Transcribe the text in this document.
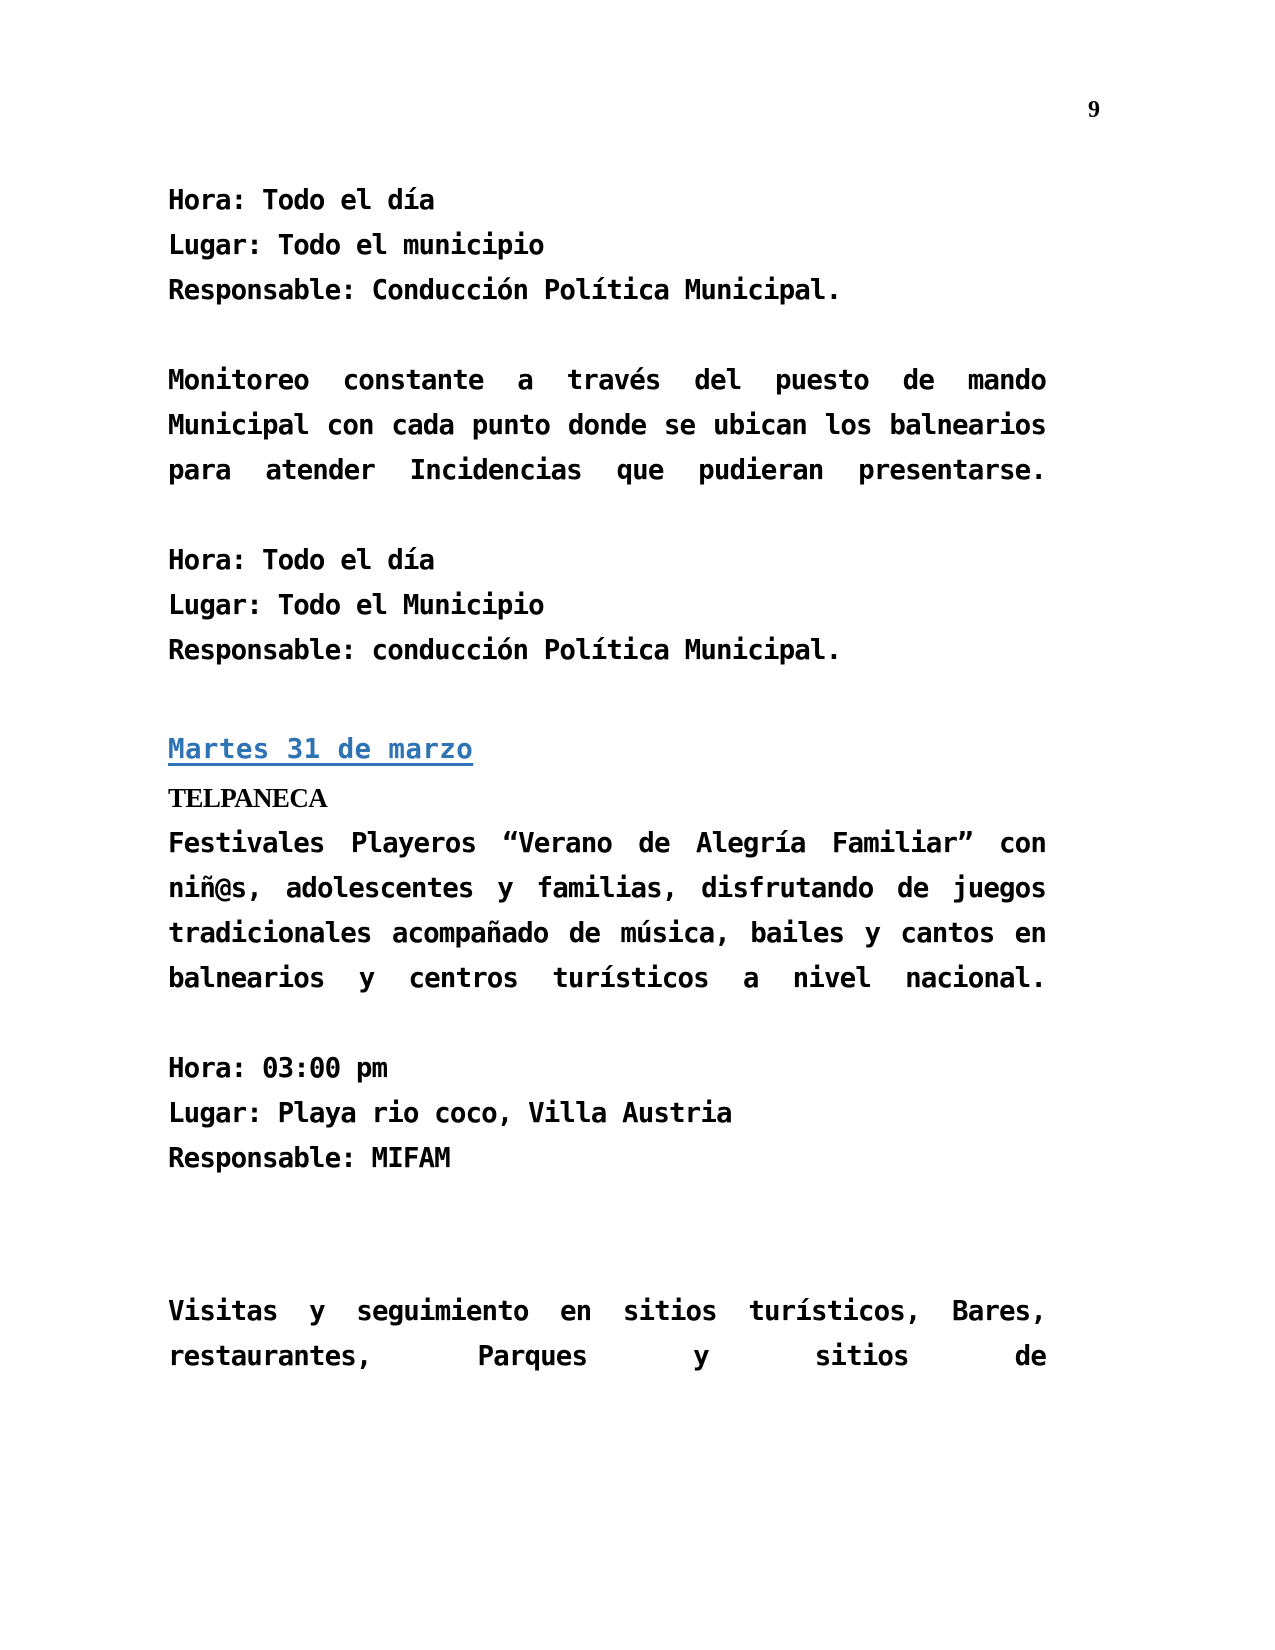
9

Hora: Todo el día

Lugar: Todo el municipio

Responsable: Conducción Política Municipal.

Monitoreo constante a través del puesto de mando Municipal con cada punto donde se ubican los balnearios para atender Incidencias que pudieran presentarse.

Hora: Todo el día

Lugar: Todo el Municipio

Responsable: conducción Política Municipal.

Martes 31 de marzo

TELPANECA

Festivales Playeros “Verano de Alegría Familiar” con niñ@s, adolescentes y familias, disfrutando de juegos tradicionales acompañado de música, bailes y cantos en balnearios y centros turísticos a nivel nacional.

Hora: 03:00 pm

Lugar: Playa rio coco, Villa Austria

Responsable: MIFAM

Visitas y seguimiento en sitios turísticos, Bares, restaurantes, Parques y sitios de
